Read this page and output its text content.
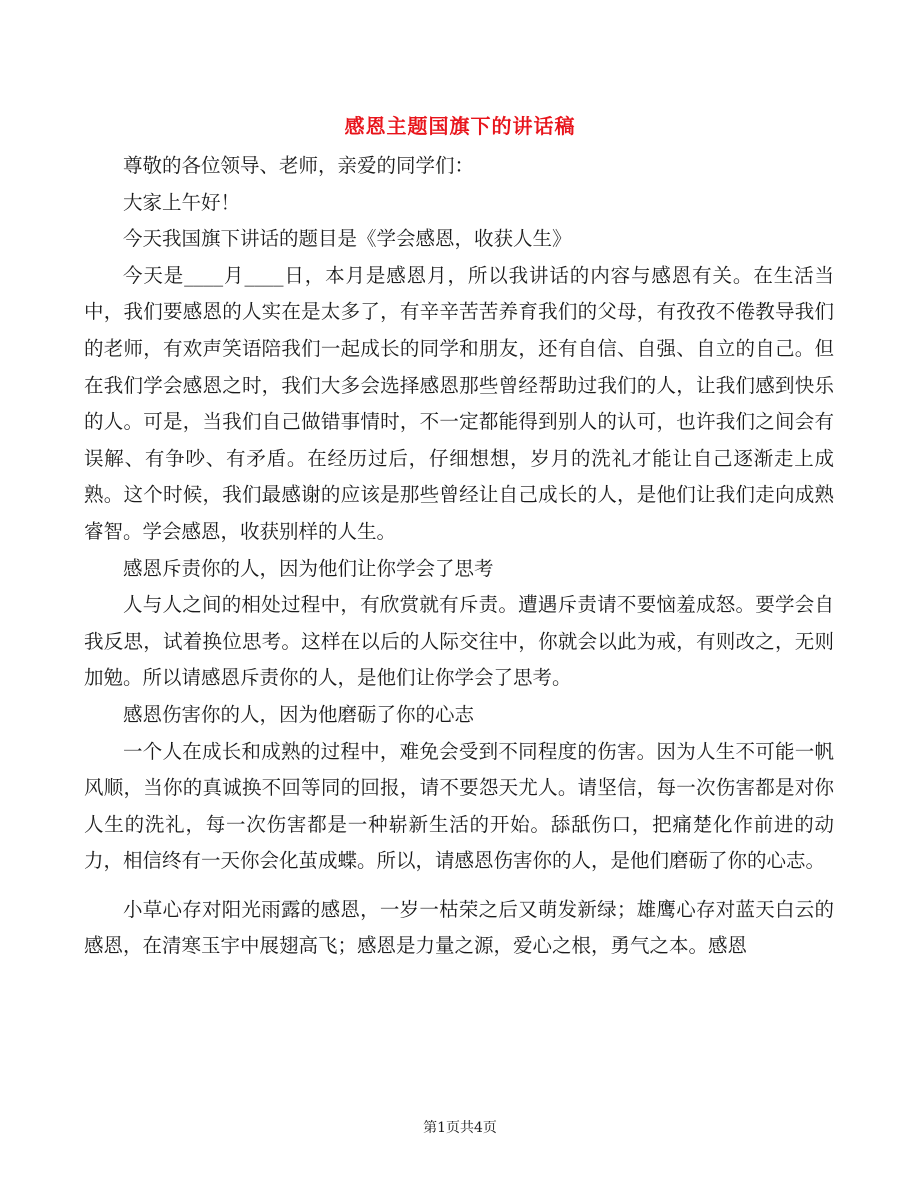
感恩主题国旗下的讲话稿

尊敬的各位领导、老师，亲爱的同学们：

大家上午好！

今天我国旗下讲话的题目是《学会感恩，收获人生》

今天是____月____日，本月是感恩月，所以我讲话的内容与感恩有关。在生活当中，我们要感恩的人实在是太多了，有辛辛苦苦养育我们的父母，有孜孜不倦教导我们的老师，有欢声笑语陪我们一起成长的同学和朋友，还有自信、自强、自立的自己。但在我们学会感恩之时，我们大多会选择感恩那些曾经帮助过我们的人，让我们感到快乐的人。可是，当我们自己做错事情时，不一定都能得到别人的认可，也许我们之间会有误解、有争吵、有矛盾。在经历过后，仔细想想，岁月的洗礼才能让自己逐渐走上成熟。这个时候，我们最感谢的应该是那些曾经让自己成长的人，是他们让我们走向成熟睿智。学会感恩，收获别样的人生。

感恩斥责你的人，因为他们让你学会了思考

人与人之间的相处过程中，有欣赏就有斥责。遭遇斥责请不要恼羞成怒。要学会自我反思，试着换位思考。这样在以后的人际交往中，你就会以此为戒，有则改之，无则加勉。所以请感恩斥责你的人，是他们让你学会了思考。

感恩伤害你的人，因为他磨砺了你的心志

一个人在成长和成熟的过程中，难免会受到不同程度的伤害。因为人生不可能一帆风顺，当你的真诚换不回等同的回报，请不要怨天尤人。请坚信，每一次伤害都是对你人生的洗礼，每一次伤害都是一种崭新生活的开始。舔舐伤口，把痛楚化作前进的动力，相信终有一天你会化茧成蝶。所以，请感恩伤害你的人，是他们磨砺了你的心志。

小草心存对阳光雨露的感恩，一岁一枯荣之后又萌发新绿；雄鹰心存对蓝天白云的感恩，在清寒玉宇中展翅高飞；感恩是力量之源，爱心之根，勇气之本。感恩

第1页共4页
